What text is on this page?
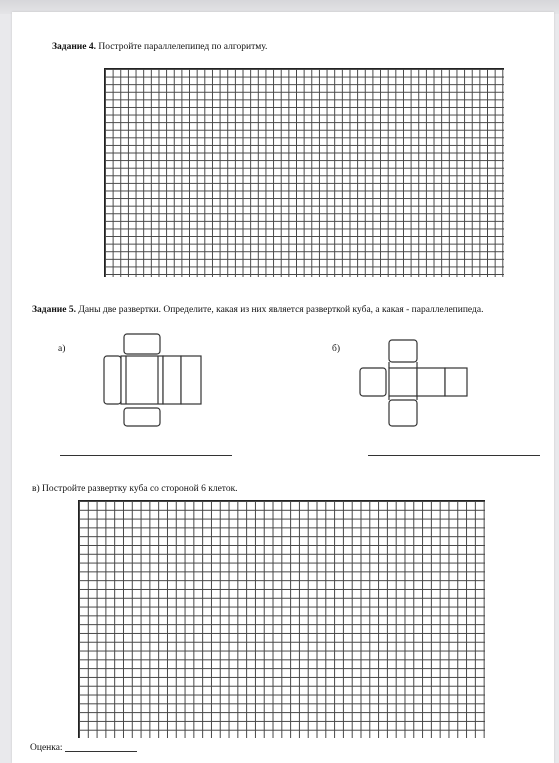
Задание 4. Постройте параллелепипед по алгоритму.
Задание 5. Даны две развертки. Определите, какая из них является разверткой куба, а какая - параллелепипеда.
а)	б)
в) Постройте развертку куба со стороной 6 клеток.
Оценка:
